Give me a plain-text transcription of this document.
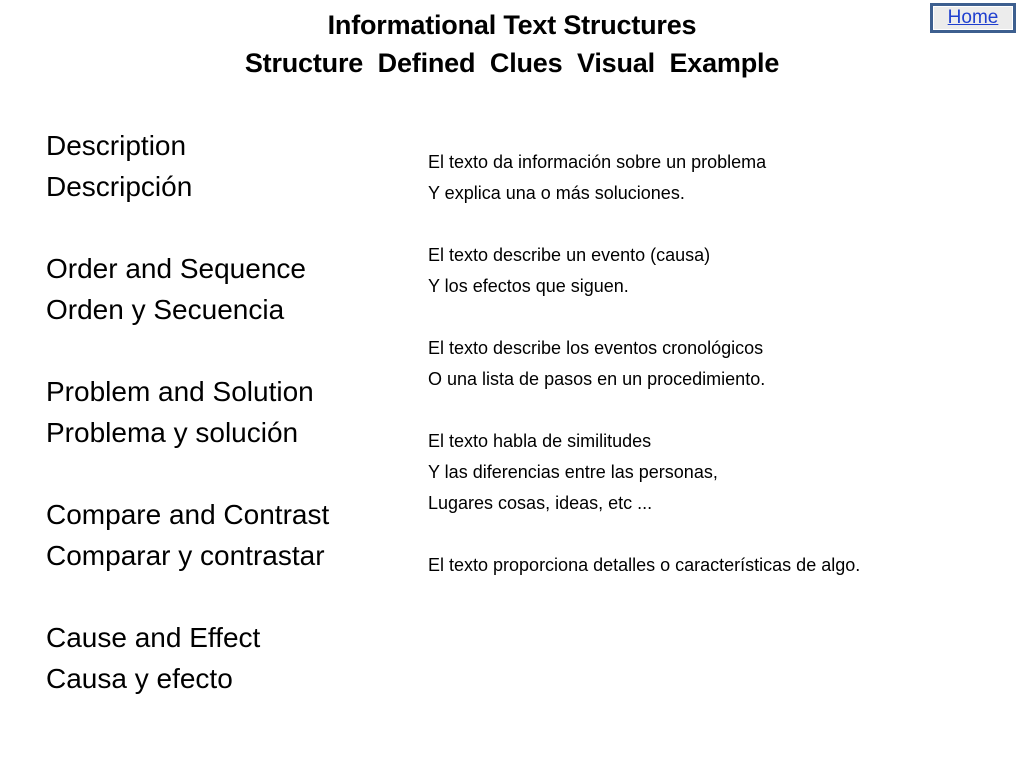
Informational Text Structures
Structure  Defined  Clues  Visual  Example
Home
Description
Descripción
Order and Sequence
Orden y Secuencia
Problem and Solution
Problema y solución
Compare and Contrast
Comparar y contrastar
Cause and Effect
Causa y efecto
El texto da información sobre un problema
Y explica una o más soluciones.
El texto describe un evento (causa)
Y los efectos que siguen.
El texto describe los eventos cronológicos
O una lista de pasos en un procedimiento.
El texto habla de similitudes
Y las diferencias entre las personas,
Lugares cosas, ideas, etc ...
El texto proporciona detalles o características de algo.
